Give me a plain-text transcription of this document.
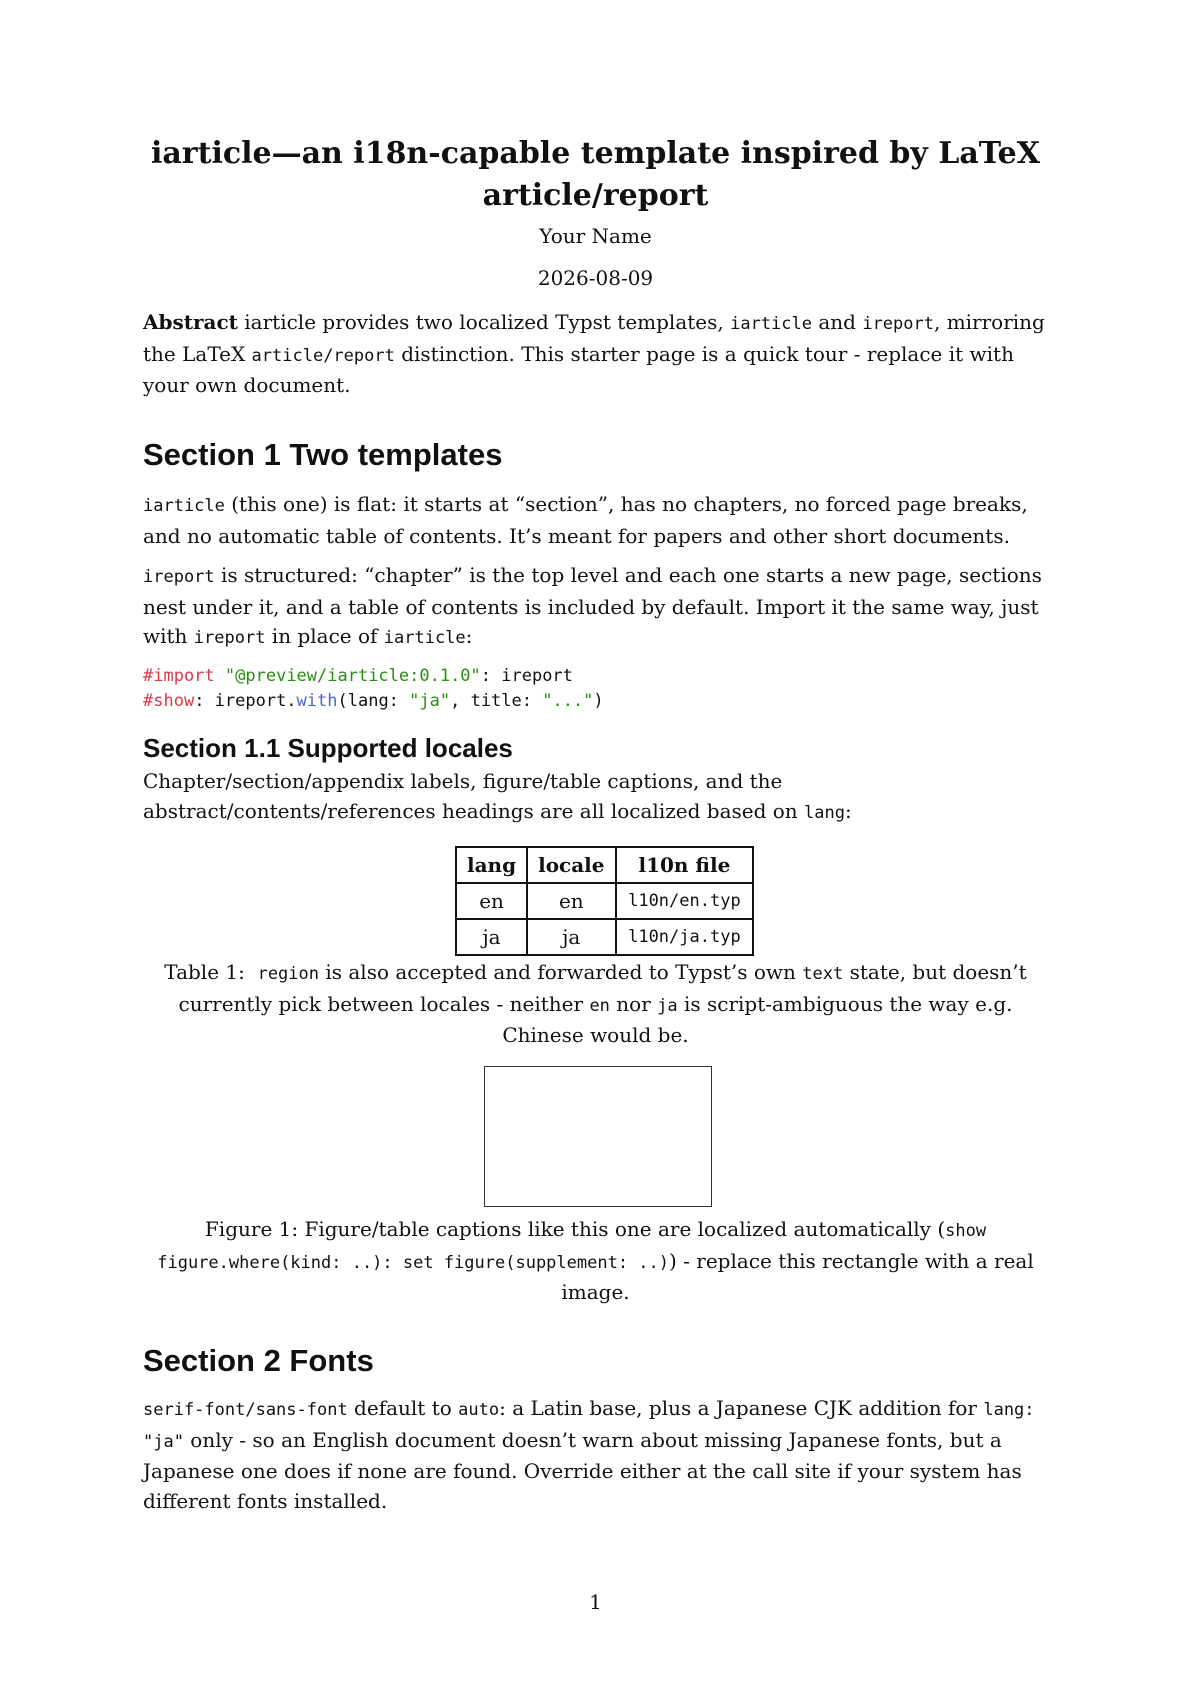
iarticle—an i18n-capable template inspired by LaTeX article/report
Your Name
2026-08-09
Abstract iarticle provides two localized Typst templates, iarticle and ireport, mirroring the LaTeX article/report distinction. This starter page is a quick tour - replace it with your own document.
Section 1 Two templates
iarticle (this one) is flat: it starts at “section”, has no chapters, no forced page breaks, and no automatic table of contents. It’s meant for papers and other short documents.
ireport is structured: “chapter” is the top level and each one starts a new page, sections nest under it, and a table of contents is included by default. Import it the same way, just with ireport in place of iarticle:
#import "@preview/iarticle:0.1.0": ireport
#show: ireport.with(lang: "ja", title: "...")
Section 1.1 Supported locales
Chapter/section/appendix labels, figure/table captions, and the abstract/contents/references headings are all localized based on lang:
lang	locale	l10n file
en	en	l10n/en.typ
ja	ja	l10n/ja.typ
Table 1: region is also accepted and forwarded to Typst’s own text state, but doesn’t currently pick between locales - neither en nor ja is script-ambiguous the way e.g. Chinese would be.
Figure 1: Figure/table captions like this one are localized automatically (show figure.where(kind: ..): set figure(supplement: ..)) - replace this rectangle with a real image.
Section 2 Fonts
serif-font/sans-font default to auto: a Latin base, plus a Japanese CJK addition for lang: "ja" only - so an English document doesn’t warn about missing Japanese fonts, but a Japanese one does if none are found. Override either at the call site if your system has different fonts installed.
1
